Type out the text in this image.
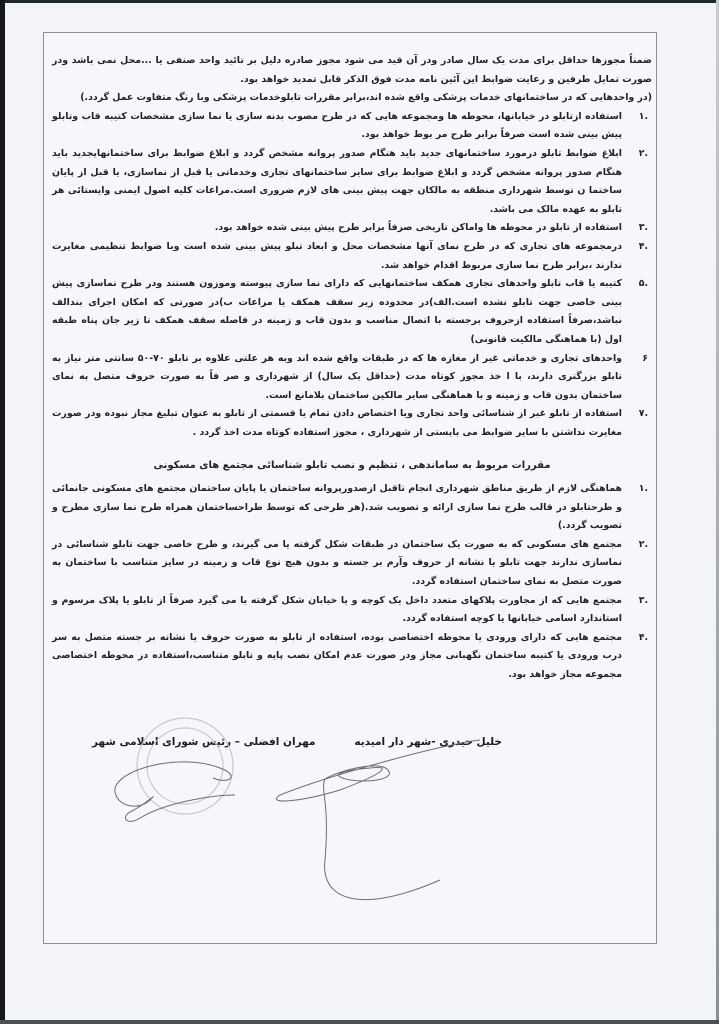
ضمناً مجوزها حداقل برای مدت یک سال صادر ودر آن قید می شود مجوز صادره دلیل بر تائید واحد صنفی یا ...محل نمی باشد ودر صورت تمایل طرفین و رعایت ضوابط این آئین نامه مدت فوق الذکر قابل تمدید خواهد بود.

(در واحدهایی که در ساختمانهای خدمات پزشکی واقع شده اند،برابر مقررات تابلوخدمات پزشکی وبا رنگ متفاوت عمل گردد.)

.۱
استفاده ازتابلو در خیابانها، محوطه ها ومجموعه هایی که در طرح مصوب بدنه سازی یا نما سازی مشخصات کتیبه قاب وتابلو پیش بینی شده است صرفاً برابر طرح مر بوط خواهد بود.
.۲
ابلاغ ضوابط تابلو درمورد ساختمانهای جدید باید هنگام صدور پروانه مشخص گردد و ابلاغ ضوابط برای ساختمانهایجدید باید هنگام صدور پروانه مشخص گردد و ابلاغ ضوابط برای سایر ساختمانهای تجاری وخدماتی یا قبل از نماسازی، یا قبل از پایان ساختما ن توسط شهرداری منطقه به مالکان جهت پیش بینی های لازم ضروری است.مراعات کلیه اصول ایمنی وایستائی هر تابلو به عهده مالک می باشد.
.۳
استفاده از تابلو در محوطه ها واماکن تاریخی صرفاً برابر طرح پیش بینی شده خواهد بود.
.۴
درمجموعه های تجاری که در طرح نمای آنها مشخصات محل و ابعاد تبلو پیش بینی شده است وبا ضوابط تنظیمی مغایرت ندارند ،برابر طرح نما سازی مربوط اقدام خواهد شد.
.۵
کتیبه یا قاب تابلو واحدهای تجاری همکف ساختمانهایی که دارای نما سازی پیوسته وموزون هستند ودر طرح نماسازی پیش بینی خاصی جهت تابلو نشده است.الف)در محدوده زیر سقف همکف یا مراعات ب)در صورتی که امکان اجرای بندالف نباشد،صرفاً استفاده ازحروف برجسته با اتصال مناسب و بدون قاب و زمینه در فاصله سقف همکف تا زیر جان پناه طبقه اول (با هماهنگی مالکیت قانونی)
۶
واحدهای تجاری و خدماتی غیر از مغازه ها که در طبقات واقع شده اند وبه هر علتی علاوه بر تابلو ۷۰-۵۰ سانتی متر نیاز به تابلو بزرگتری دارند، با ا خذ مجوز کوتاه مدت (حداقل یک سال) از شهرداری و صر فاً به صورت حروف متصل به نمای ساختمان بدون قاب و زمینه و با هماهنگی سایر مالکین ساختمان بلامانع است.
.۷
استفاده از تابلو غیر از شناسائی واحد تجاری ویا اختصاص دادن تمام یا قسمتی از تابلو به عنوان تبلیغ مجاز نبوده ودر صورت مغایرت نداشتن با سایر ضوابط می بایستی از شهرداری ، مجوز استفاده کوتاه مدت اخذ گردد .
مقررات مربوط به ساماندهی ، تنظیم و نصب تابلو شناسائی مجتمع های مسکونی
.۱
هماهنگی لازم از طریق مناطق شهرداری انجام تاقبل ازصدورپروانه ساختمان یا پایان ساختمان مجتمع های مسکونی جانمائی و طرحتابلو در قالب طرح نما سازی ارائه و تصویب شد.(هر طرحی که توسط طراحساختمان همراه طرح نما سازی مطرح و تصویب گردد.)
.۲
مجتمع های مسکونی که به صورت یک ساختمان در طبقات شکل گرفته یا می گیرند، و طرح خاصی جهت تابلو شناسائی در نماسازی ندارند جهت تابلو یا نشانه از حروف وآرم بر جسته و بدون هیچ نوع قاب و زمینه در سایز متناسب با ساختمان به صورت متصل به نمای ساختمان استفاده گردد.
.۳
مجتمع هایی که از مجاورت پلاکهای متعدد داخل یک کوچه و یا خیابان شکل گرفته یا می گیرد صرفاً از تابلو یا پلاک مرسوم و استاندارد اسامی خیابانها یا کوچه استفاده گردد.
.۴
مجتمع هایی که دارای ورودی یا محوطه اختصاصی بوده، استفاده از تابلو به صورت حروف یا نشانه بر جسته متصل به سر درب ورودی یا کتیبه ساختمان نگهبانی مجاز ودر صورت عدم امکان نصب پایه و تابلو متناسب،استفاده در محوطه اختصاصی مجموعه مجاز خواهد بود.
خلیل حیدری -شهر دار امیدیه
مهران افضلی – رئیس شورای اسلامی شهر
